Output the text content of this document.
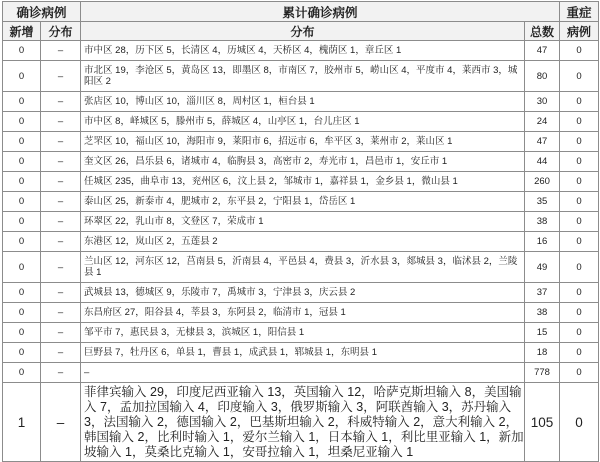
确诊病例		累计确诊病例		重症
新增	分布	分布	总数	病例
0	–	市中区 28，历下区 5，长清区 4，历城区 4，天桥区 4，槐荫区 1，章丘区 1	47	0
0	–	市北区 19，李沧区 5，黄岛区 13，即墨区 8，市南区 7，胶州市 5，崂山区 4，平度市 4，莱西市 3，城阳区 2	80	0
0	–	张店区 10，博山区 10，淄川区 8，周村区 1，桓台县 1	30	0
0	–	市中区 8，峄城区 5，滕州市 5，薛城区 4，山亭区 1，台儿庄区 1	24	0
0	–	芝罘区 10，福山区 10，海阳市 9，莱阳市 6，招远市 6，牟平区 3，莱州市 2，莱山区 1	47	0
0	–	奎文区 26，昌乐县 6，诸城市 4，临朐县 3，高密市 2，寿光市 1，昌邑市 1，安丘市 1	44	0
0	–	任城区 235，曲阜市 13，兖州区 6，汶上县 2，邹城市 1，嘉祥县 1，金乡县 1，微山县 1	260	0
0	–	泰山区 25，新泰市 4，肥城市 2，东平县 2，宁阳县 1，岱岳区 1	35	0
0	–	环翠区 22，乳山市 8，文登区 7，荣成市 1	38	0
0	–	东港区 12，岚山区 2，五莲县 2	16	0
0	–	兰山区 12，河东区 12，莒南县 5，沂南县 4，平邑县 4，费县 3，沂水县 3，郯城县 3，临沭县 2，兰陵县 1	49	0
0	–	武城县 13，德城区 9，乐陵市 7，禹城市 3，宁津县 3，庆云县 2	37	0
0	–	东昌府区 27，阳谷县 4，莘县 3，东阿县 2，临清市 1，冠县 1	38	0
0	–	邹平市 7，惠民县 3，无棣县 3，滨城区 1，阳信县 1	15	0
0	–	巨野县 7，牡丹区 6，单县 1，曹县 1，成武县 1，郓城县 1，东明县 1	18	0
0	–	–	778	0
1	–	菲律宾输入 29，印度尼西亚输入 13，英国输入 12，哈萨克斯坦输入 8，美国输入 7，孟加拉国输入 4，印度输入 3，俄罗斯输入 3，阿联酋输入 3，苏丹输入 3，法国输入 2，德国输入 2，巴基斯坦输入 2，科威特输入 2，意大利输入 2，韩国输入 2，比利时输入 1，爱尔兰输入 1，日本输入 1，利比里亚输入 1，新加坡输入 1，莫桑比克输入 1，安哥拉输入 1，坦桑尼亚输入 1	105	0
